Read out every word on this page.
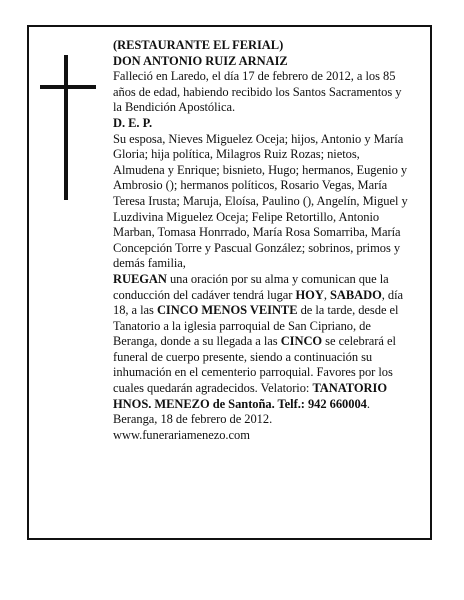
(RESTAURANTE EL FERIAL)

DON ANTONIO RUIZ ARNAIZ

Falleció en Laredo, el día 17 de febrero de 2012, a los 85 años de edad, habiendo recibido los Santos Sacramentos y la Bendición Apostólica.

D. E. P.

Su esposa, Nieves Miguelez Oceja; hijos, Antonio y María Gloria; hija política, Milagros Ruiz Rozas; nietos, Almudena y Enrique; bisnieto, Hugo; hermanos, Eugenio y Ambrosio (); hermanos políticos, Rosario Vegas, María Teresa Irusta; Maruja, Eloísa, Paulino (), Angelín, Miguel y Luzdivina Miguelez Oceja; Felipe Retortillo, Antonio Marban, Tomasa Honrrado, María Rosa Somarriba, María Concepción Torre y Pascual González; sobrinos, primos y demás familia,

RUEGAN una oración por su alma y comunican que la conducción del cadáver tendrá lugar HOY, SABADO, día 18, a las CINCO MENOS VEINTE de la tarde, desde el Tanatorio a la iglesia parroquial de San Cipriano, de Beranga, donde a su llegada a las CINCO se celebrará el funeral de cuerpo presente, siendo a continuación su inhumación en el cementerio parroquial. Favores por los cuales quedarán agradecidos. Velatorio: TANATORIO HNOS. MENEZO de Santoña. Telf.: 942 660004.

Beranga, 18 de febrero de 2012.

www.funerariamenezo.com
